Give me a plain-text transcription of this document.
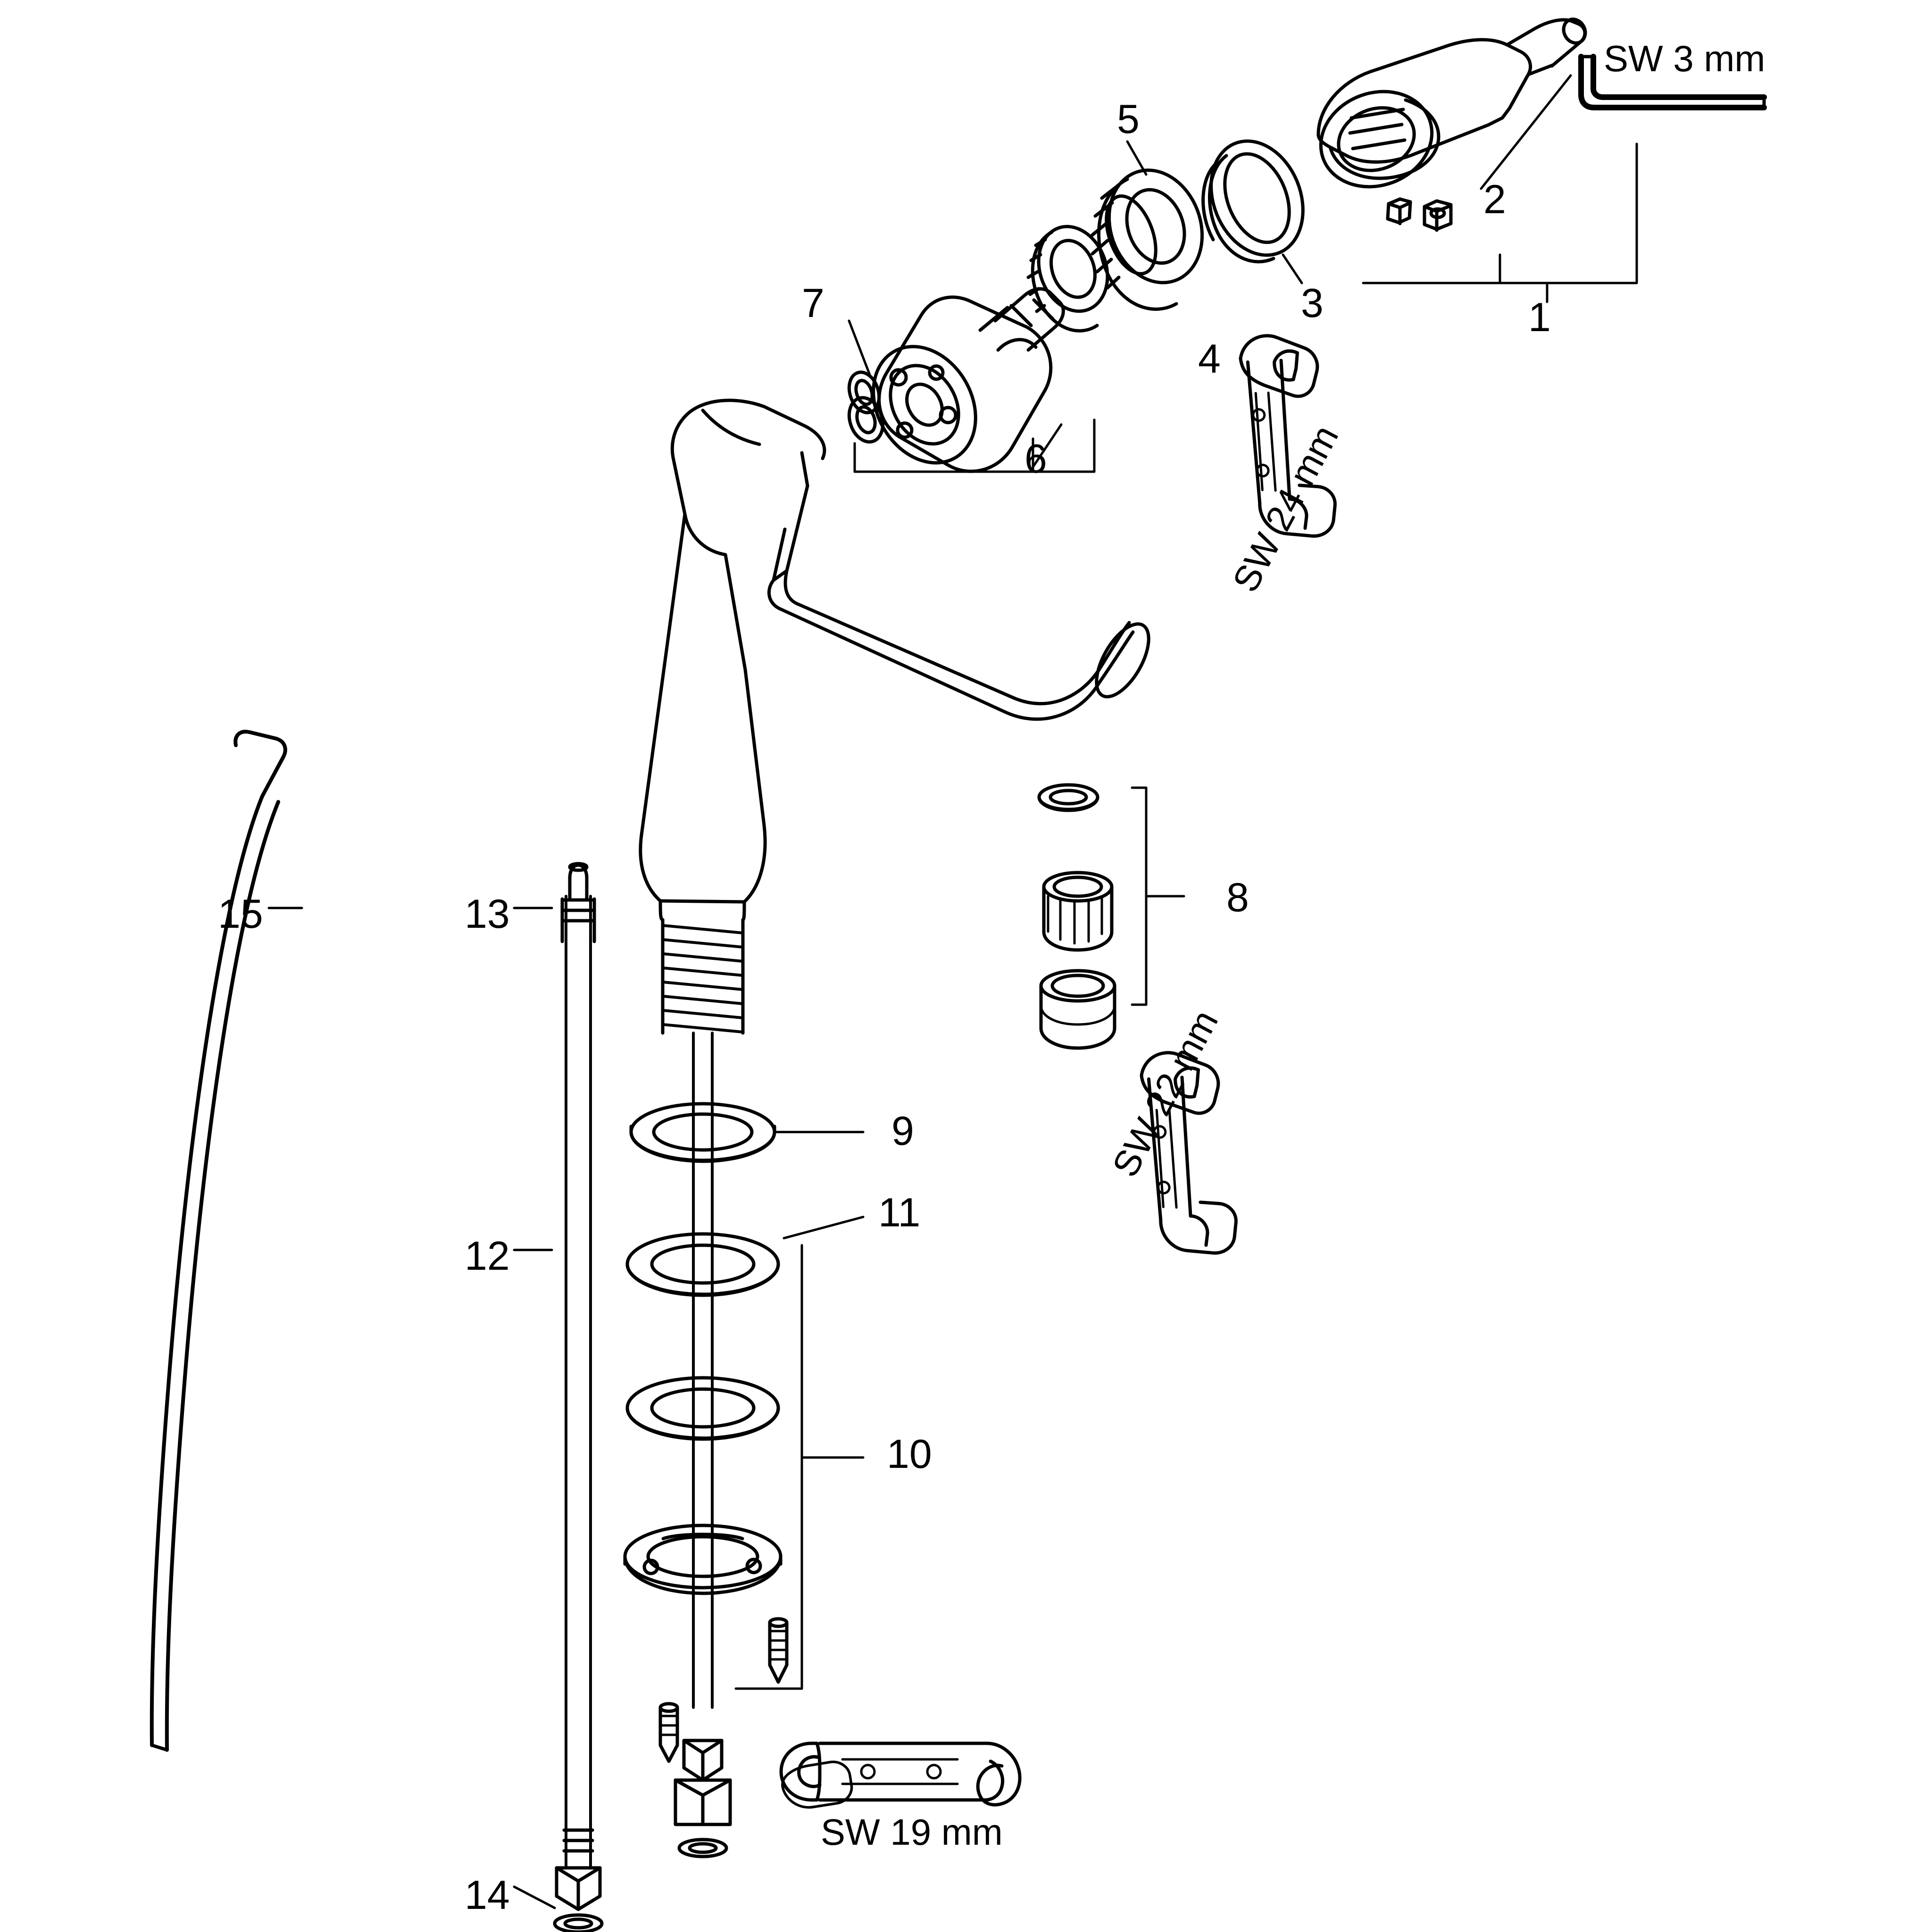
1
2
3
4
5
6
7
8
9
10
11
12
13
14
15
SW 3 mm
SW 24 mm
SW 22 mm
SW 19 mm
